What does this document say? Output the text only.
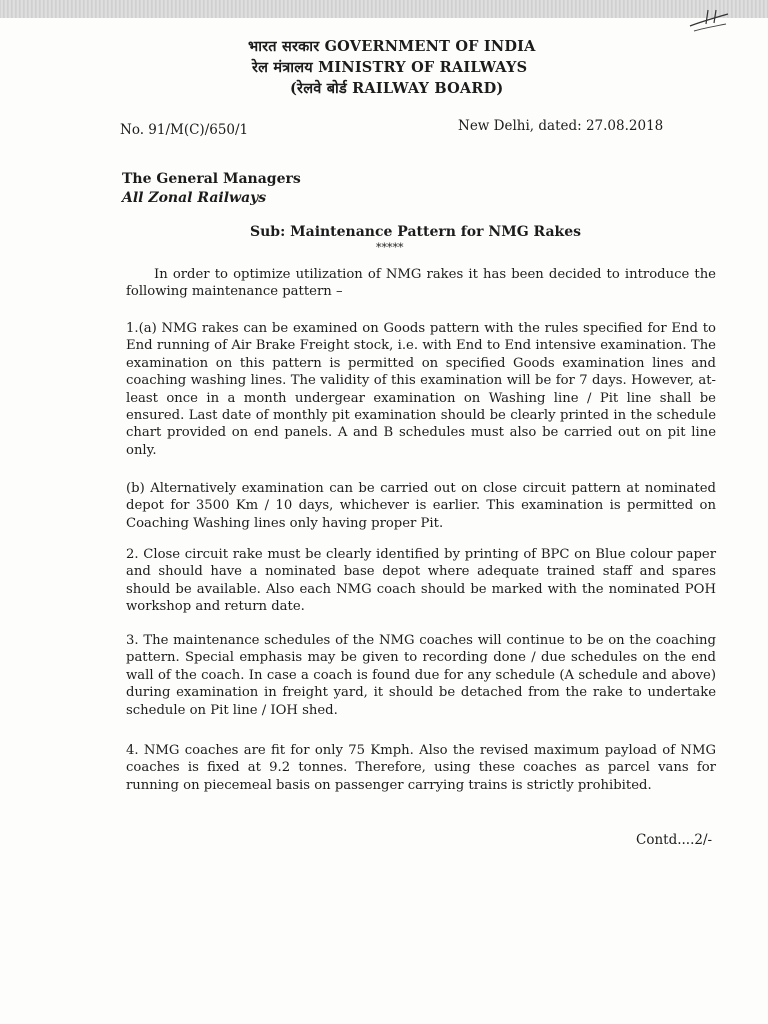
भारत सरकार GOVERNMENT OF INDIA
रेल मंत्रालय MINISTRY OF RAILWAYS
(रेलवे बोर्ड RAILWAY BOARD)
No. 91/M(C)/650/1	New Delhi, dated: 27.08.2018
The General Managers
All Zonal Railways
Sub: Maintenance Pattern for NMG Rakes
*****
In order to optimize utilization of NMG rakes it has been decided to introduce the following maintenance pattern –
1.(a) NMG rakes can be examined on Goods pattern with the rules specified for End to End running of Air Brake Freight stock, i.e. with End to End intensive examination. The examination on this pattern is permitted on specified Goods examination lines and coaching washing lines. The validity of this examination will be for 7 days. However, at-least once in a month undergear examination on Washing line / Pit line shall be ensured. Last date of monthly pit examination should be clearly printed in the schedule chart provided on end panels. A and B schedules must also be carried out on pit line only.
(b) Alternatively examination can be carried out on close circuit pattern at nominated depot for 3500 Km / 10 days, whichever is earlier. This examination is permitted on Coaching Washing lines only having proper Pit.
2. Close circuit rake must be clearly identified by printing of BPC on Blue colour paper and should have a nominated base depot where adequate trained staff and spares should be available. Also each NMG coach should be marked with the nominated POH workshop and return date.
3. The maintenance schedules of the NMG coaches will continue to be on the coaching pattern. Special emphasis may be given to recording done / due schedules on the end wall of the coach. In case a coach is found due for any schedule (A schedule and above) during examination in freight yard, it should be detached from the rake to undertake schedule on Pit line / IOH shed.
4. NMG coaches are fit for only 75 Kmph. Also the revised maximum payload of NMG coaches is fixed at 9.2 tonnes. Therefore, using these coaches as parcel vans for running on piecemeal basis on passenger carrying trains is strictly prohibited.
Contd....2/-
